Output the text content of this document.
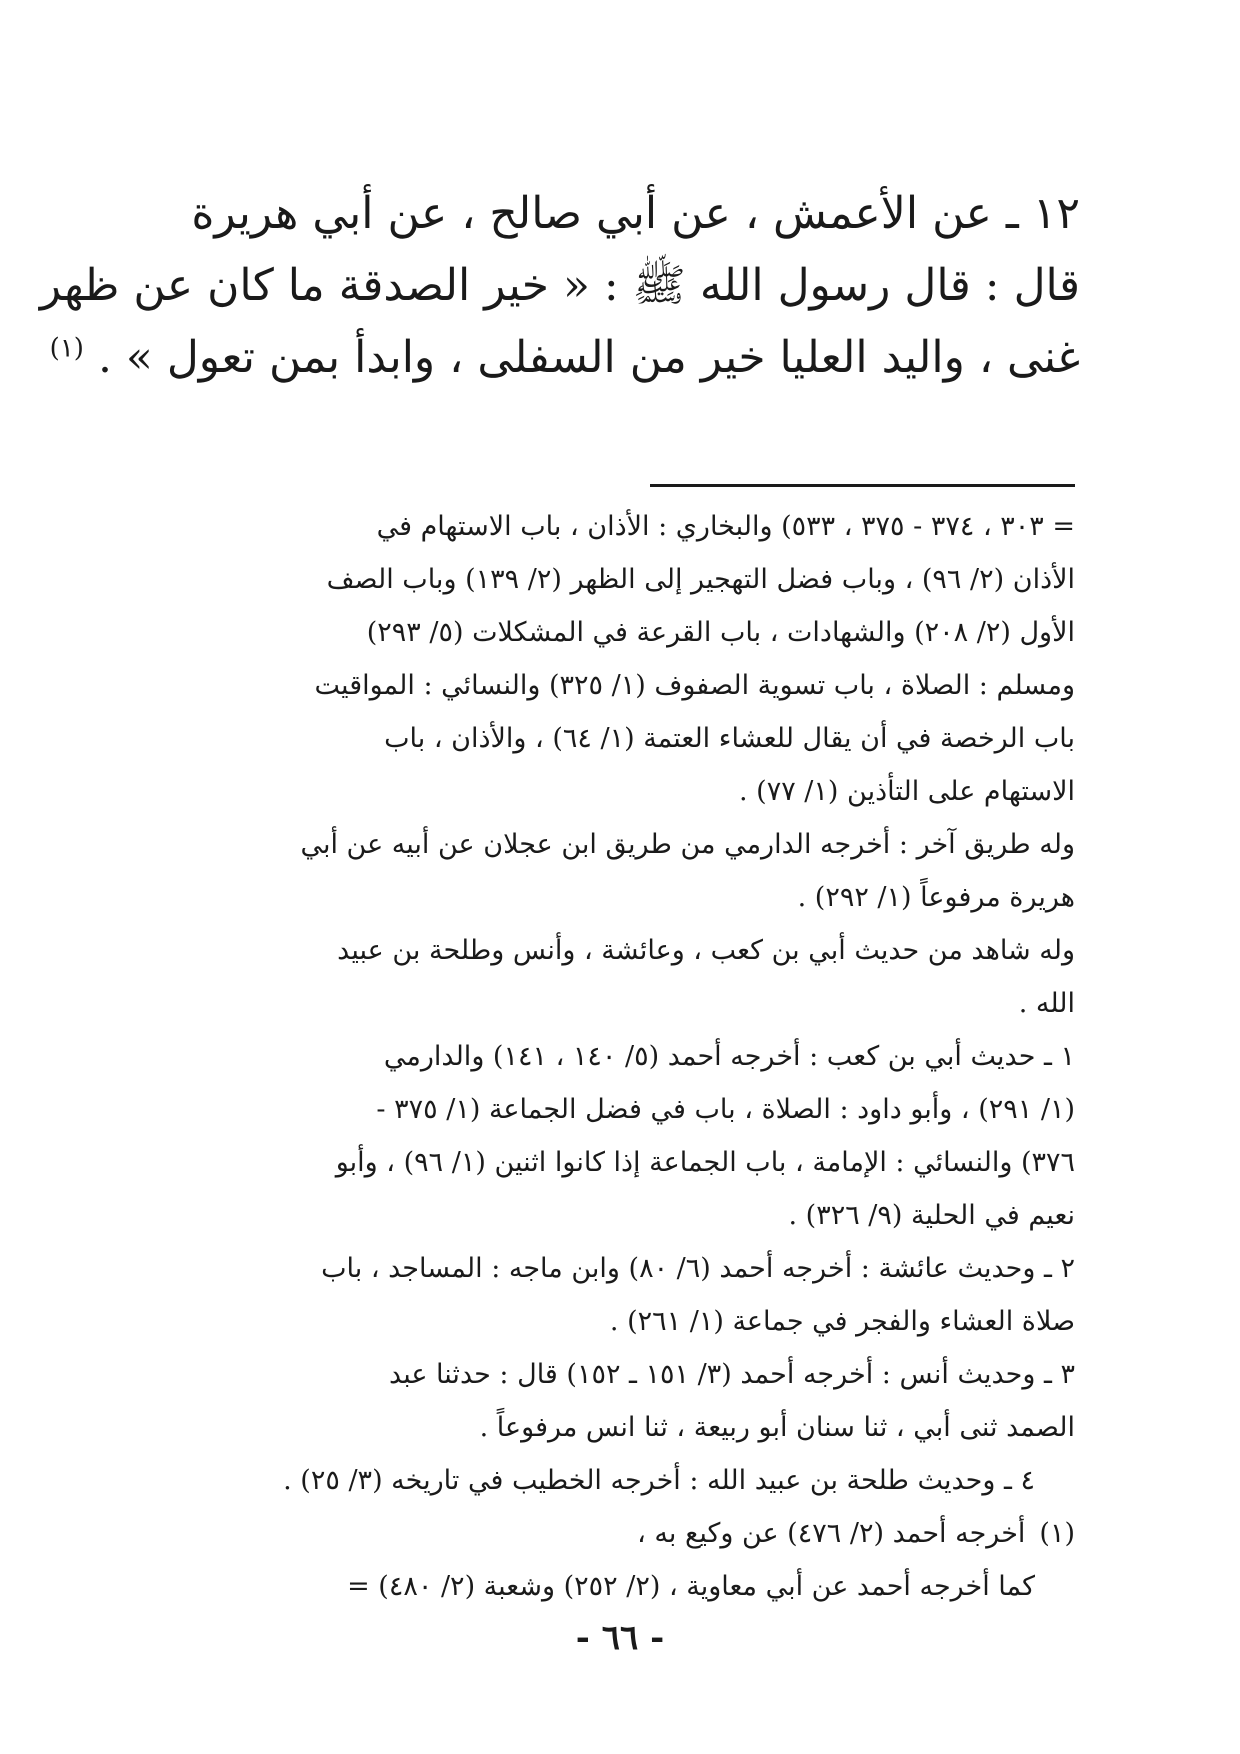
١٢ ـ عن الأعمش ، عن أبي صالح ، عن أبي هريرة
قال : قال رسول الله ﷺ : « خير الصدقة ما كان عن ظهر
غنى ، واليد العليا خير من السفلى ، وابدأ بمن تعول » . $^{(١)}$
= ٣٠٣ ، ٣٧٤ - ٣٧٥ ، ٥٣٣) والبخاري : الأذان ، باب الاستهام في
الأذان (٢/ ٩٦) ، وباب فضل التهجير إلى الظهر (٢/ ١٣٩) وباب الصف
الأول (٢/ ٢٠٨) والشهادات ، باب القرعة في المشكلات (٥/ ٢٩٣)
ومسلم : الصلاة ، باب تسوية الصفوف (١/ ٣٢٥) والنسائي : المواقيت
باب الرخصة في أن يقال للعشاء العتمة (١/ ٦٤) ، والأذان ، باب
الاستهام على التأذين (١/ ٧٧) .
وله طريق آخر : أخرجه الدارمي من طريق ابن عجلان عن أبيه عن أبي
هريرة مرفوعاً (١/ ٢٩٢) .
وله شاهد من حديث أبي بن كعب ، وعائشة ، وأنس وطلحة بن عبيد
الله .
١ ـ حديث أبي بن كعب : أخرجه أحمد (٥/ ١٤٠ ، ١٤١) والدارمي
(١/ ٢٩١) ، وأبو داود : الصلاة ، باب في فضل الجماعة (١/ ٣٧٥ -
٣٧٦) والنسائي : الإمامة ، باب الجماعة إذا كانوا اثنين (١/ ٩٦) ، وأبو
نعيم في الحلية (٩/ ٣٢٦) .
٢ ـ وحديث عائشة : أخرجه أحمد (٦/ ٨٠) وابن ماجه : المساجد ، باب
صلاة العشاء والفجر في جماعة (١/ ٢٦١) .
٣ ـ وحديث أنس : أخرجه أحمد (٣/ ١٥١ ـ ١٥٢) قال : حدثنا عبد
الصمد ثنى أبي ، ثنا سنان أبو ربيعة ، ثنا انس مرفوعاً .
٤ ـ وحديث طلحة بن عبيد الله : أخرجه الخطيب في تاريخه (٣/ ٢٥) .
(١)أخرجه أحمد (٢/ ٤٧٦) عن وكيع به ،
كما أخرجه أحمد عن أبي معاوية ، (٢/ ٢٥٢) وشعبة (٢/ ٤٨٠) =
- ٦٦ -
